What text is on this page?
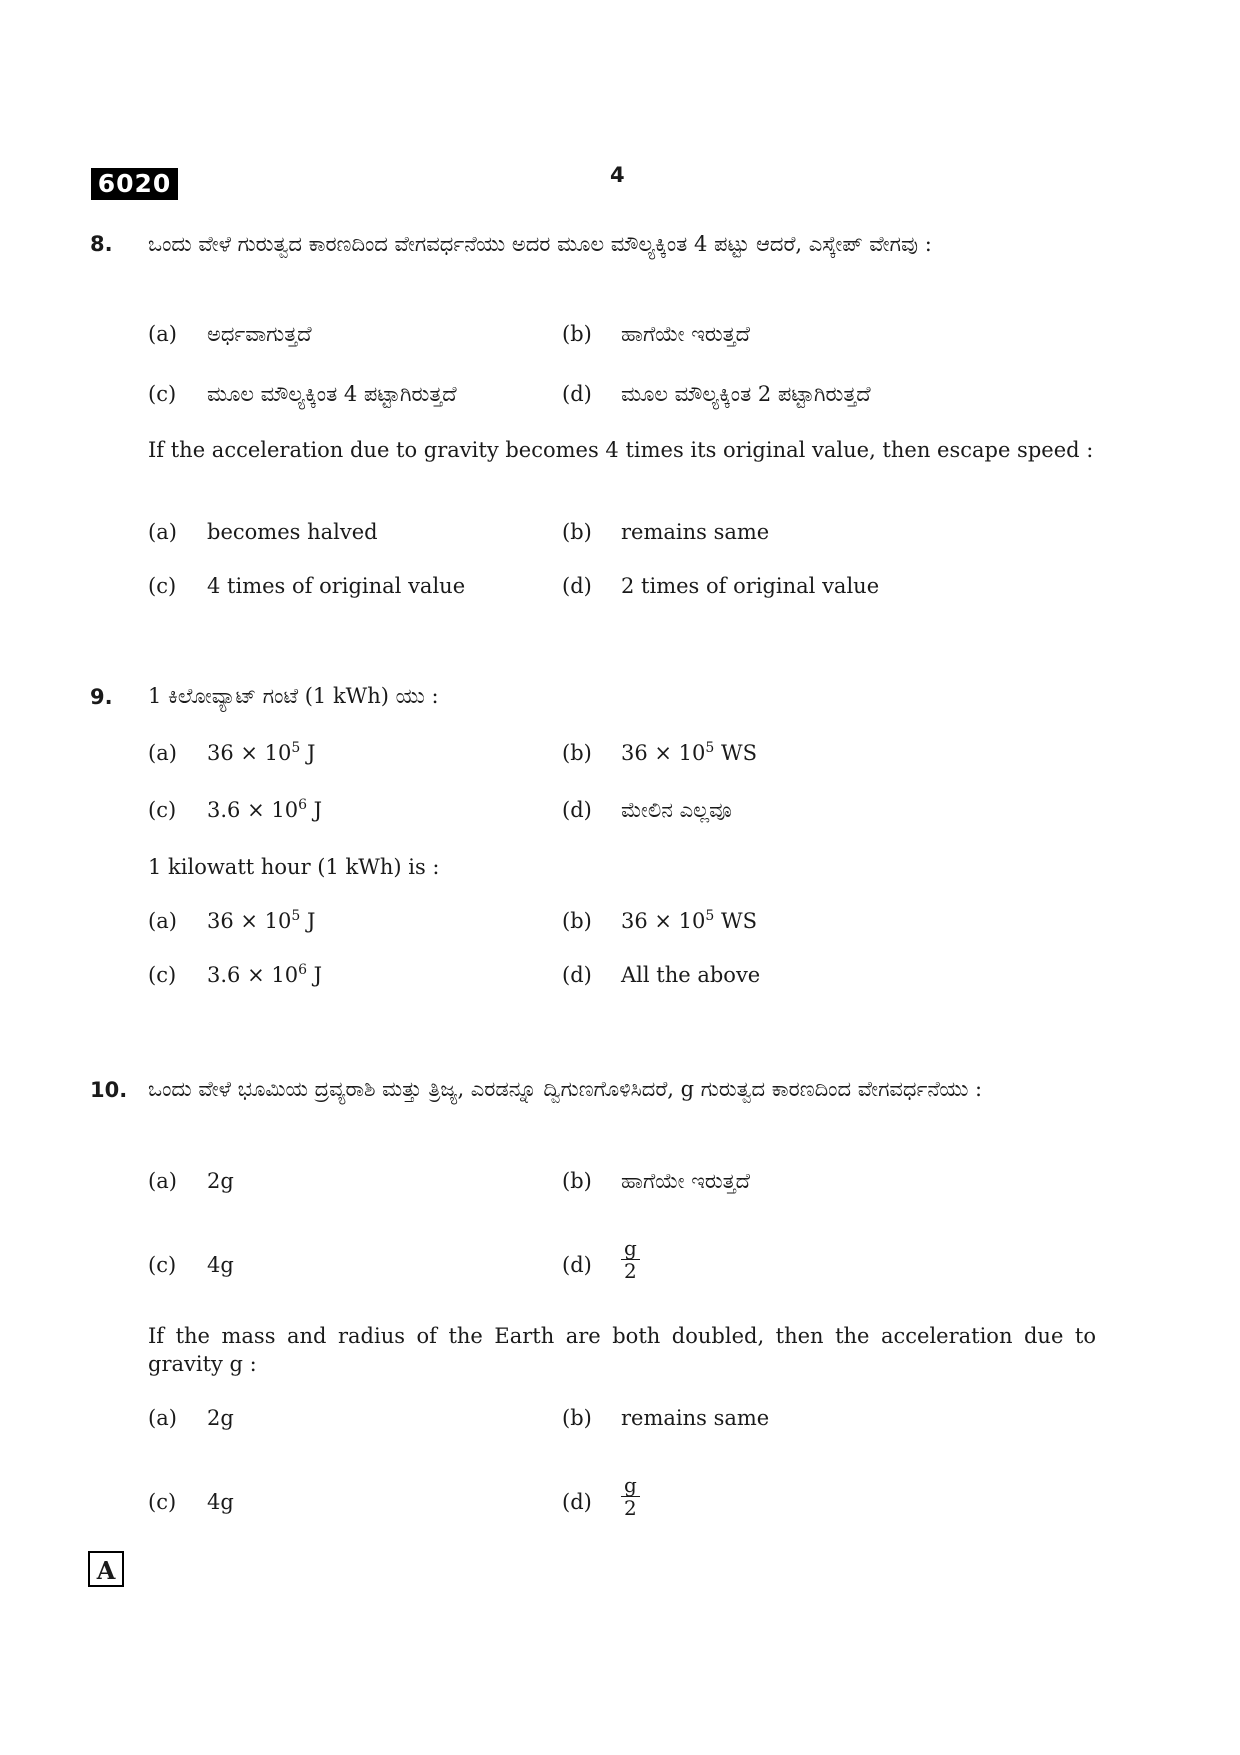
6020	4
8. ಒಂದು ವೇಳೆ ಗುರುತ್ವದ ಕಾರಣದಿಂದ ವೇಗವರ್ಧನೆಯು ಅದರ ಮೂಲ ಮೌಲ್ಯಕ್ಕಿಂತ 4 ಪಟ್ಟು ಆದರೆ, ಎಸ್ಕೇಪ್ ವೇಗವು :
(a) ಅರ್ಧವಾಗುತ್ತದೆ	(b) ಹಾಗೆಯೇ ಇರುತ್ತದೆ
(c) ಮೂಲ ಮೌಲ್ಯಕ್ಕಿಂತ 4 ಪಟ್ಟಾಗಿರುತ್ತದೆ	(d) ಮೂಲ ಮೌಲ್ಯಕ್ಕಿಂತ 2 ಪಟ್ಟಾಗಿರುತ್ತದೆ
If the acceleration due to gravity becomes 4 times its original value, then escape speed :
(a) becomes halved	(b) remains same
(c) 4 times of original value	(d) 2 times of original value
9. 1 ಕಿಲೋವ್ಯಾಟ್ ಗಂಟೆ (1 kWh) ಯು :
(a) $36 \times 10^5$ J	(b) $36 \times 10^5$ WS
(c) $3.6 \times 10^6$ J	(d) ಮೇಲಿನ ಎಲ್ಲವೂ
1 kilowatt hour (1 kWh) is :
(a) $36 \times 10^5$ J	(b) $36 \times 10^5$ WS
(c) $3.6 \times 10^6$ J	(d) All the above
10. ಒಂದು ವೇಳೆ ಭೂಮಿಯ ದ್ರವ್ಯರಾಶಿ ಮತ್ತು ತ್ರಿಜ್ಯ, ಎರಡನ್ನೂ ದ್ವಿಗುಣಗೊಳಿಸಿದರೆ, g ಗುರುತ್ವದ ಕಾರಣದಿಂದ ವೇಗವರ್ಧನೆಯು :
(a) 2g	(b) ಹಾಗೆಯೇ ಇರುತ್ತದೆ
(c) 4g	$(d) \frac{g}{2}$
If the mass and radius of the Earth are both doubled, then the acceleration due to gravity g :
(a) 2g	(b) remains same
(c) 4g	$(d) \frac{g}{2}$
A
